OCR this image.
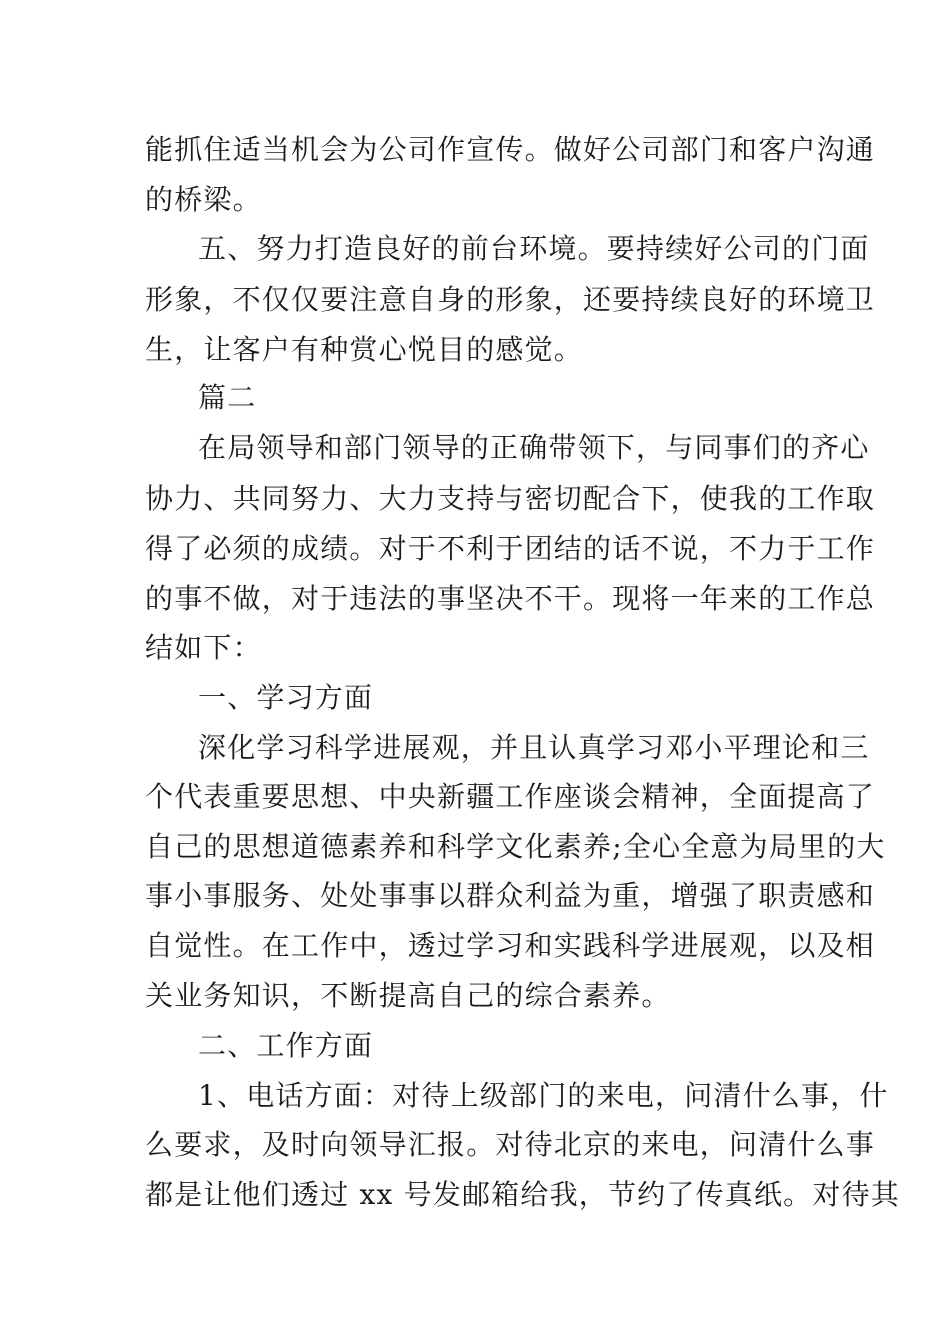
能抓住适当机会为公司作宣传。做好公司部门和客户沟通
的桥梁。
五、努力打造良好的前台环境。要持续好公司的门面
形象，不仅仅要注意自身的形象，还要持续良好的环境卫
生，让客户有种赏心悦目的感觉。
篇二
在局领导和部门领导的正确带领下，与同事们的齐心
协力、共同努力、大力支持与密切配合下，使我的工作取
得了必须的成绩。对于不利于团结的话不说，不力于工作
的事不做，对于违法的事坚决不干。现将一年来的工作总
结如下：
一、学习方面
深化学习科学进展观，并且认真学习邓小平理论和三
个代表重要思想、中央新疆工作座谈会精神，全面提高了
自己的思想道德素养和科学文化素养;全心全意为局里的大
事小事服务、处处事事以群众利益为重，增强了职责感和
自觉性。在工作中，透过学习和实践科学进展观，以及相
关业务知识，不断提高自己的综合素养。
二、工作方面
1、电话方面：对待上级部门的来电，问清什么事，什
么要求，及时向领导汇报。对待北京的来电，问清什么事
都是让他们透过 xx 号发邮箱给我，节约了传真纸。对待其
